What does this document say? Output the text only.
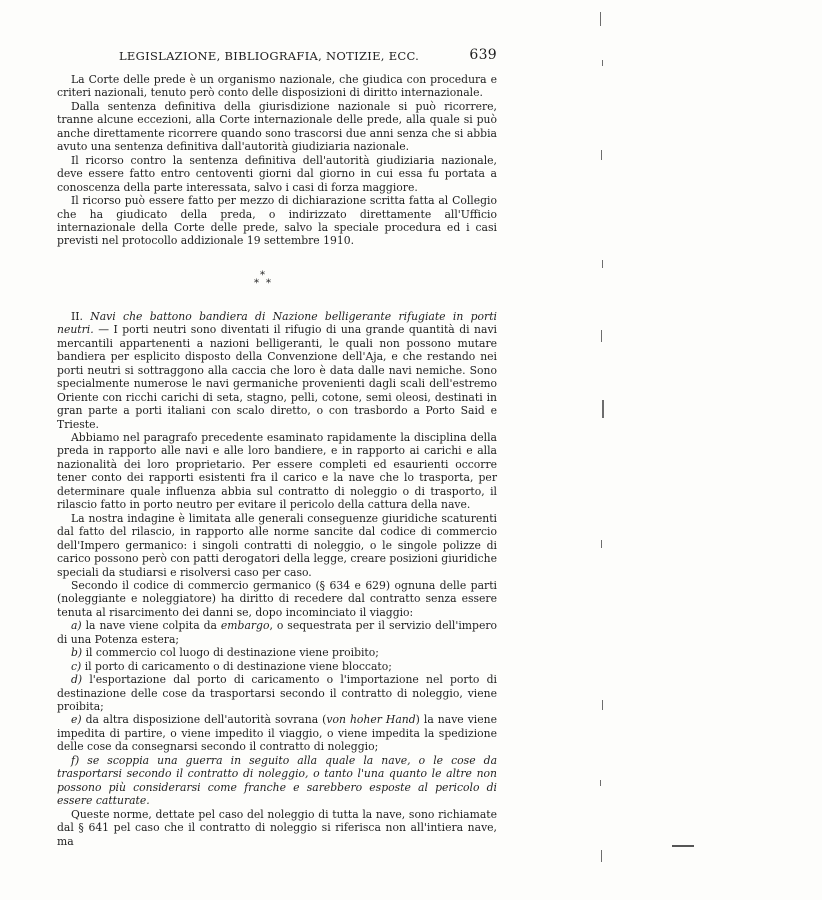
LEGISLAZIONE, BIBLIOGRAFIA, NOTIZIE, ECC.	639

La Corte delle prede è un organismo nazionale, che giudica con procedura e criteri nazionali, tenuto però conto delle disposizioni di diritto internazionale.

Dalla sentenza definitiva della giurisdizione nazionale si può ricorrere, tranne alcune eccezioni, alla Corte internazionale delle prede, alla quale si può anche direttamente ricorrere quando sono trascorsi due anni senza che si abbia avuto una sentenza definitiva dall'autorità giudiziaria nazionale.

Il ricorso contro la sentenza definitiva dell'autorità giudiziaria nazionale, deve essere fatto entro centoventi giorni dal giorno in cui essa fu portata a conoscenza della parte interessata, salvo i casi di forza maggiore.

Il ricorso può essere fatto per mezzo di dichiarazione scritta fatta al Collegio che ha giudicato della preda, o indirizzato direttamente all'Ufficio internazionale della Corte delle prede, salvo la speciale procedura ed i casi previsti nel protocollo addizionale 19 settembre 1910.

*
* *

II. Navi che battono bandiera di Nazione belligerante rifugiate in porti neutri. — I porti neutri sono diventati il rifugio di una grande quantità di navi mercantili appartenenti a nazioni belligeranti, le quali non possono mutare bandiera per esplicito disposto della Convenzione dell'Aja, e che restando nei porti neutri si sottraggono alla caccia che loro è data dalle navi nemiche. Sono specialmente numerose le navi germaniche provenienti dagli scali dell'estremo Oriente con ricchi carichi di seta, stagno, pelli, cotone, semi oleosi, destinati in gran parte a porti italiani con scalo diretto, o con trasbordo a Porto Said e Trieste.

Abbiamo nel paragrafo precedente esaminato rapidamente la disciplina della preda in rapporto alle navi e alle loro bandiere, e in rapporto ai carichi e alla nazionalità dei loro proprietario. Per essere completi ed esaurienti occorre tener conto dei rapporti esistenti fra il carico e la nave che lo trasporta, per determinare quale influenza abbia sul contratto di noleggio o di trasporto, il rilascio fatto in porto neutro per evitare il pericolo della cattura della nave.

La nostra indagine è limitata alle generali conseguenze giuridiche scaturenti dal fatto del rilascio, in rapporto alle norme sancite dal codice di commercio dell'Impero germanico: i singoli contratti di noleggio, o le singole polizze di carico possono però con patti derogatori della legge, creare posizioni giuridiche speciali da studiarsi e risolversi caso per caso.

Secondo il codice di commercio germanico (§ 634 e 629) ognuna delle parti (noleggiante e noleggiatore) ha diritto di recedere dal contratto senza essere tenuta al risarcimento dei danni se, dopo incominciato il viaggio:

a) la nave viene colpita da embargo, o sequestrata per il servizio dell'impero di una Potenza estera;

b) il commercio col luogo di destinazione viene proibito;

c) il porto di caricamento o di destinazione viene bloccato;

d) l'esportazione dal porto di caricamento o l'importazione nel porto di destinazione delle cose da trasportarsi secondo il contratto di noleggio, viene proibita;

e) da altra disposizione dell'autorità sovrana (von hoher Hand) la nave viene impedita di partire, o viene impedito il viaggio, o viene impedita la spedizione delle cose da consegnarsi secondo il contratto di noleggio;

f) se scoppia una guerra in seguito alla quale la nave, o le cose da trasportarsi secondo il contratto di noleggio, o tanto l'una quanto le altre non possono più considerarsi come franche e sarebbero esposte al pericolo di essere catturate.

Queste norme, dettate pel caso del noleggio di tutta la nave, sono richiamate dal § 641 pel caso che il contratto di noleggio si riferisca non all'intiera nave, ma
